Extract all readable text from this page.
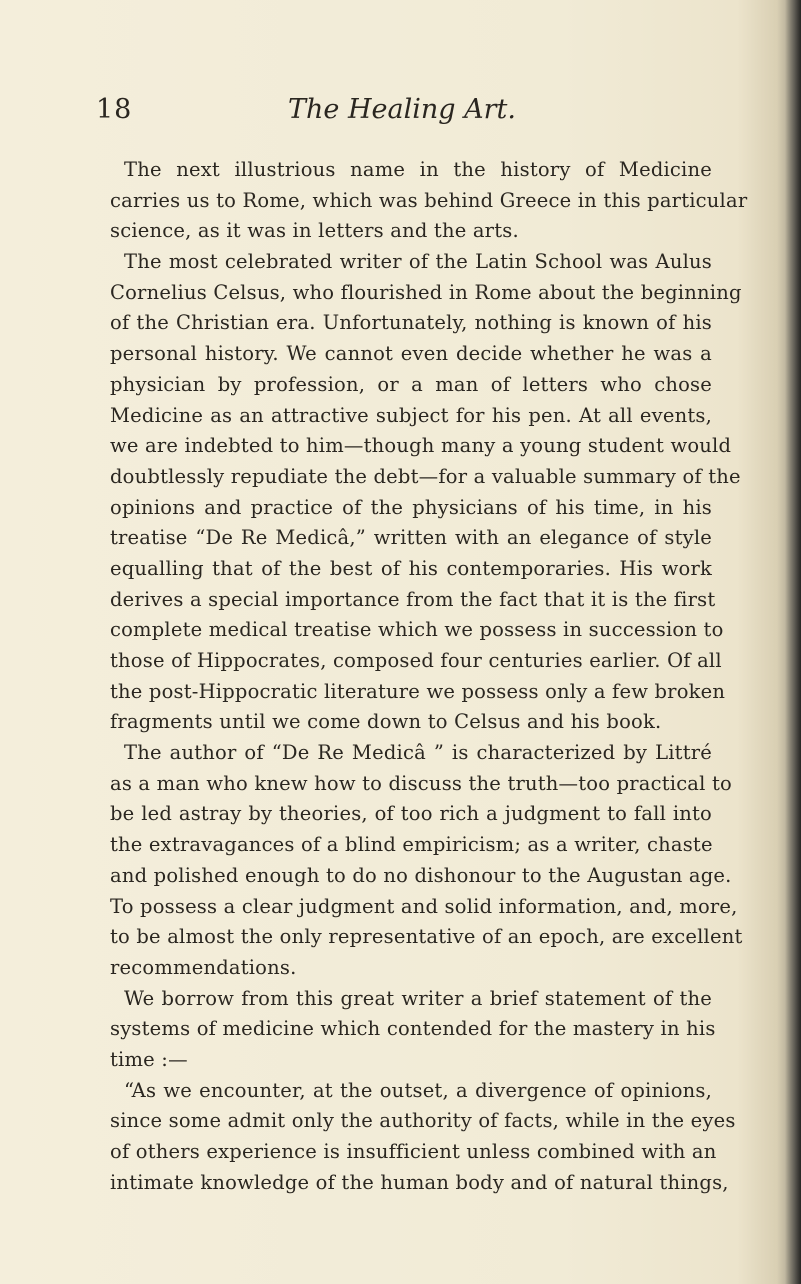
18	The Healing Art.
The next illustrious name in the history of Medicine
carries us to Rome, which was behind Greece in this particular
science, as it was in letters and the arts.
The most celebrated writer of the Latin School was Aulus
Cornelius Celsus, who flourished in Rome about the beginning
of the Christian era. Unfortunately, nothing is known of his
personal history. We cannot even decide whether he was a
physician by profession, or a man of letters who chose
Medicine as an attractive subject for his pen. At all events,
we are indebted to him—though many a young student would
doubtlessly repudiate the debt—for a valuable summary of the
opinions and practice of the physicians of his time, in his
treatise “De Re Medicâ,” written with an elegance of style
equalling that of the best of his contemporaries. His work
derives a special importance from the fact that it is the first
complete medical treatise which we possess in succession to
those of Hippocrates, composed four centuries earlier. Of all
the post-Hippocratic literature we possess only a few broken
fragments until we come down to Celsus and his book.
The author of “De Re Medicâ ” is characterized by Littré
as a man who knew how to discuss the truth—too practical to
be led astray by theories, of too rich a judgment to fall into
the extravagances of a blind empiricism; as a writer, chaste
and polished enough to do no dishonour to the Augustan age.
To possess a clear judgment and solid information, and, more,
to be almost the only representative of an epoch, are excellent
recommendations.
We borrow from this great writer a brief statement of the
systems of medicine which contended for the mastery in his
time :—
“As we encounter, at the outset, a divergence of opinions,
since some admit only the authority of facts, while in the eyes
of others experience is insufficient unless combined with an
intimate knowledge of the human body and of natural things,
